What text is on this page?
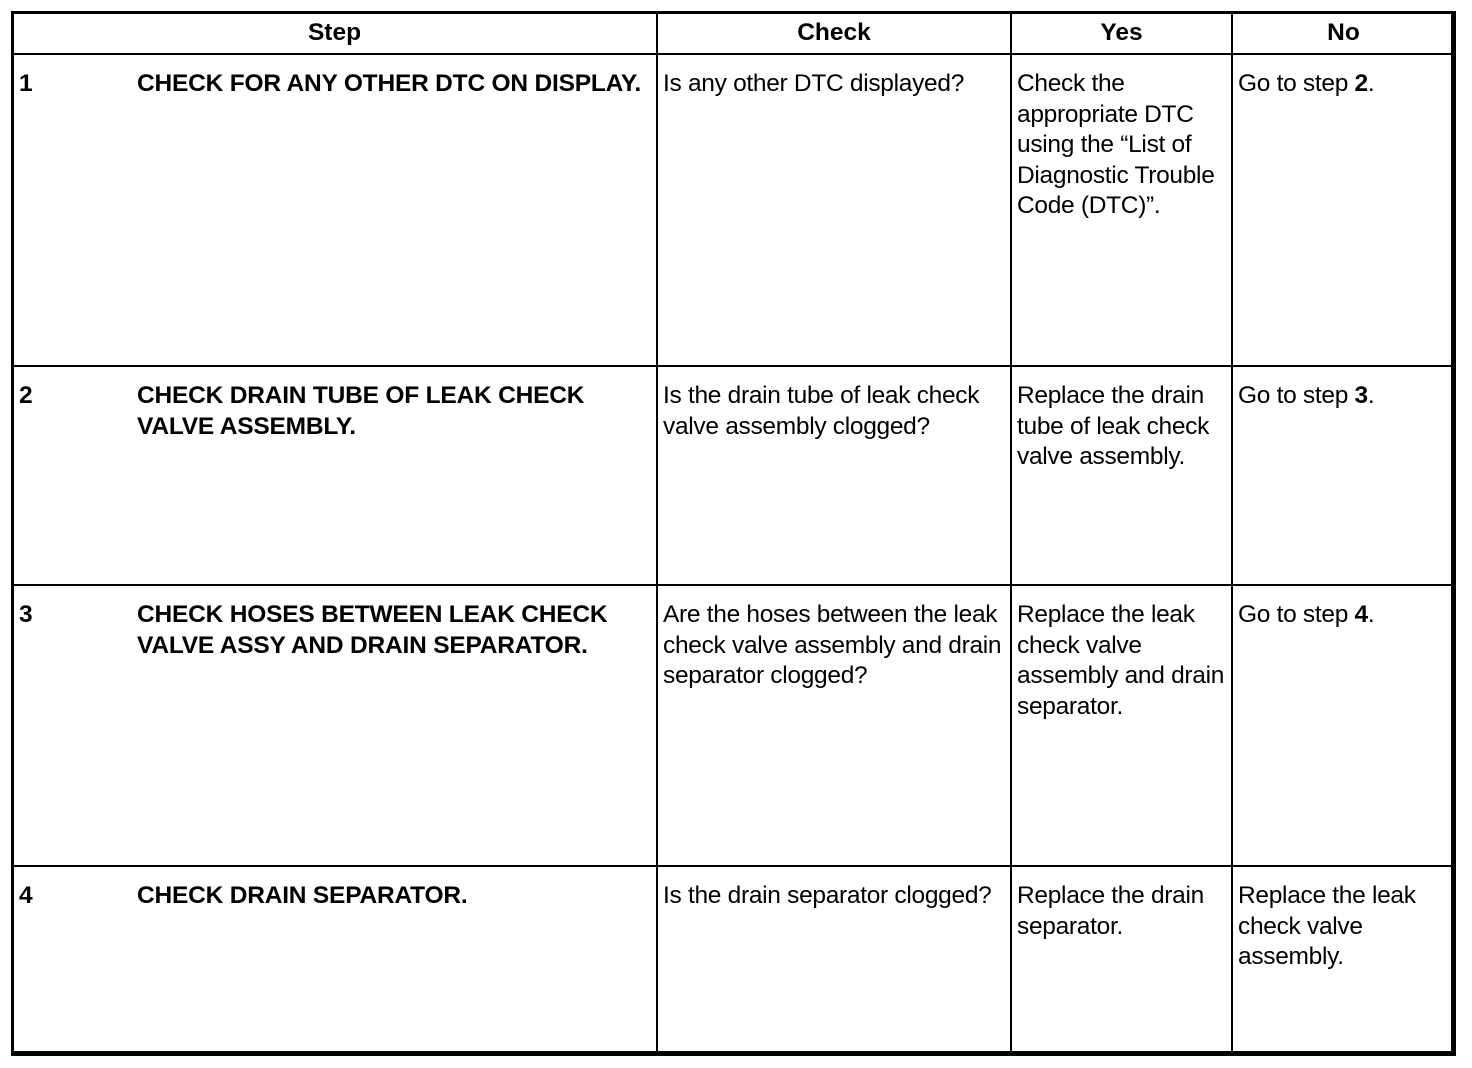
Step	Check	Yes	No

1 CHECK FOR ANY OTHER DTC ON DISPLAY.	Is any other DTC displayed?	Check the appropriate DTC using the “List of Diagnostic Trouble Code (DTC)”.	Go to step 2.

2 CHECK DRAIN TUBE OF LEAK CHECK VALVE ASSEMBLY.	Is the drain tube of leak check valve assembly clogged?	Replace the drain tube of leak check valve assembly.	Go to step 3.

3 CHECK HOSES BETWEEN LEAK CHECK VALVE ASSY AND DRAIN SEPARATOR.	Are the hoses between the leak check valve assembly and drain separator clogged?	Replace the leak check valve assembly and drain separator.	Go to step 4.

4 CHECK DRAIN SEPARATOR.	Is the drain separator clogged?	Replace the drain separator.	Replace the leak check valve assembly.
